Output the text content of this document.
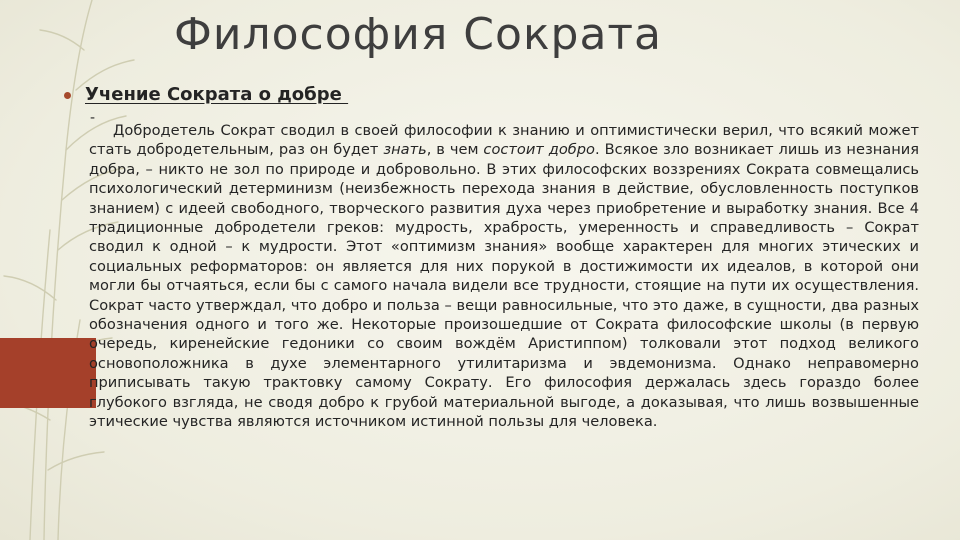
Философия Сократа
Учение Сократа о добре
-

Добродетель Сократ сводил в своей философии к знанию и оптимистически верил, что всякий может стать добродетельным, раз он будет знать, в чем состоит добро. Всякое зло возникает лишь из незнания добра, – никто не зол по природе и добровольно. В этих философских воззрениях Сократа совмещались психологический детерминизм (неизбежность перехода знания в действие, обусловленность поступков знанием) с идеей свободного, творческого развития духа через приобретение и выработку знания. Все 4 традиционные добродетели греков: мудрость, храбрость, умеренность и справедливость – Сократ сводил к одной – к мудрости. Этот «оптимизм знания» вообще характерен для многих этических и социальных реформаторов: он является для них порукой в достижимости их идеалов, в которой они могли бы отчаяться, если бы с самого начала видели все трудности, стоящие на пути их осуществления. Сократ часто утверждал, что добро и польза – вещи равносильные, что это даже, в сущности, два разных обозначения одного и того же. Некоторые произошедшие от Сократа философские школы (в первую очередь, киренейские гедоники со своим вождём Аристиппом) толковали этот подход великого основоположника в духе элементарного утилитаризма и эвдемонизма. Однако неправомерно приписывать такую трактовку самому Сократу. Его философия держалась здесь гораздо более глубокого взгляда, не сводя добро к грубой материальной выгоде, а доказывая, что лишь возвышенные этические чувства являются источником истинной пользы для человека.
